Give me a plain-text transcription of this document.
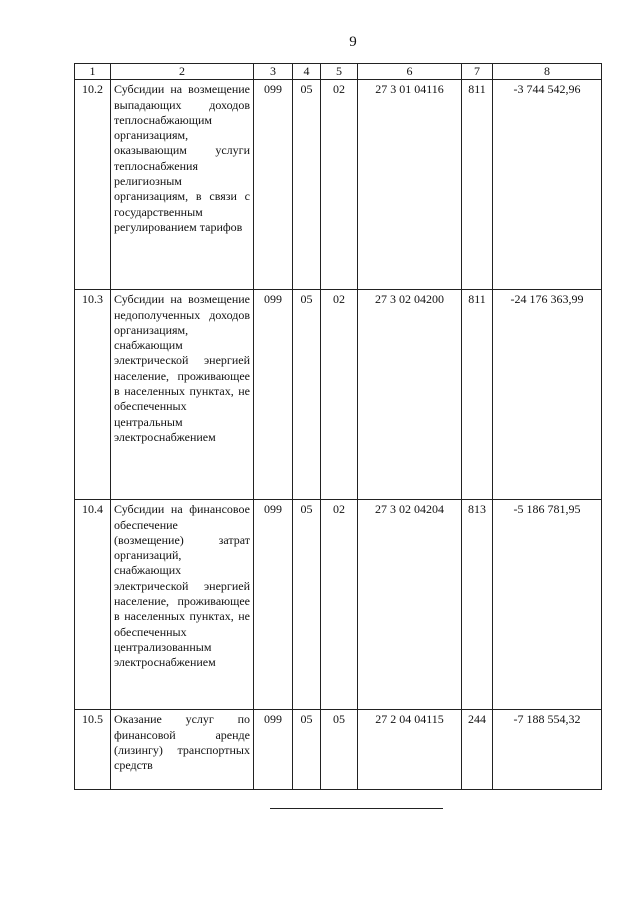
9
1	2	3	4	5	6	7	8
10.2	Субсидии на возмещение выпадающих доходов теплоснабжающим организациям, оказывающим услуги теплоснабжения религиозным организациям, в связи с государственным регулированием тарифов	099	05	02	27 3 01 04116	811	-3 744 542,96
10.3	Субсидии на возмещение недополученных доходов организациям, снабжающим электрической энергией население, проживающее в населенных пунктах, не обеспеченных центральным электроснабжением	099	05	02	27 3 02 04200	811	-24 176 363,99
10.4	Субсидии на финансовое обеспечение (возмещение) затрат организаций, снабжающих электрической энергией население, проживающее в населенных пунктах, не обеспеченных централизованным электроснабжением	099	05	02	27 3 02 04204	813	-5 186 781,95
10.5	Оказание услуг по финансовой аренде (лизингу) транспортных средств	099	05	05	27 2 04 04115	244	-7 188 554,32
